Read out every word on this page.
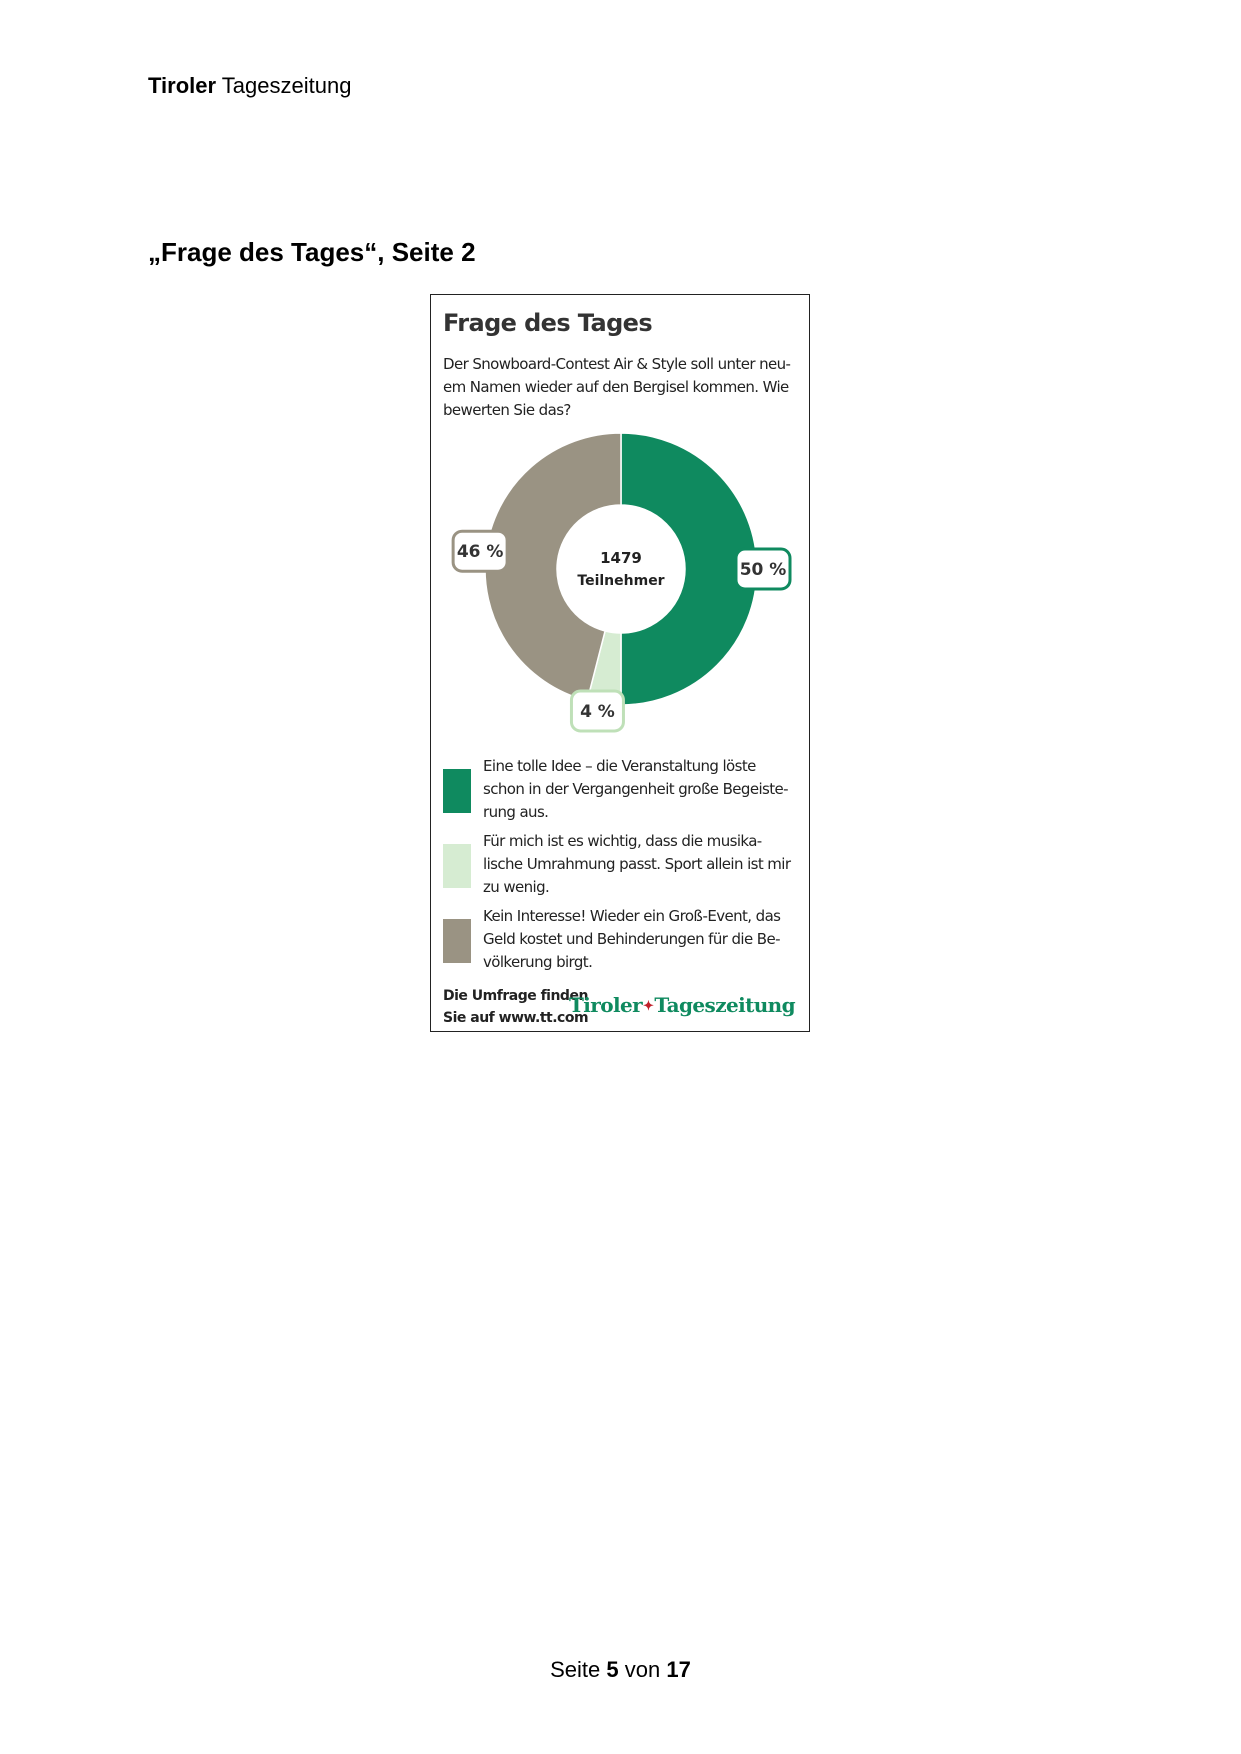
Tiroler Tageszeitung
„Frage des Tages“, Seite 2
Frage des Tages
Der Snowboard-Contest Air & Style soll unter neu-em Namen wieder auf den Bergisel kommen. Wie bewerten Sie das?
1479
Teilnehmer
50 %
4 %
46 %
Eine tolle Idee – die Veranstaltung löste schon in der Vergangenheit große Begeiste-rung aus.
Für mich ist es wichtig, dass die musika-lische Umrahmung passt. Sport allein ist mir zu wenig.
Kein Interesse! Wieder ein Groß-Event, das Geld kostet und Behinderungen für die Be-völkerung birgt.
Die Umfrage finden
Sie auf www.tt.com
Tiroler✦Tageszeitung
Seite 5 von 17
